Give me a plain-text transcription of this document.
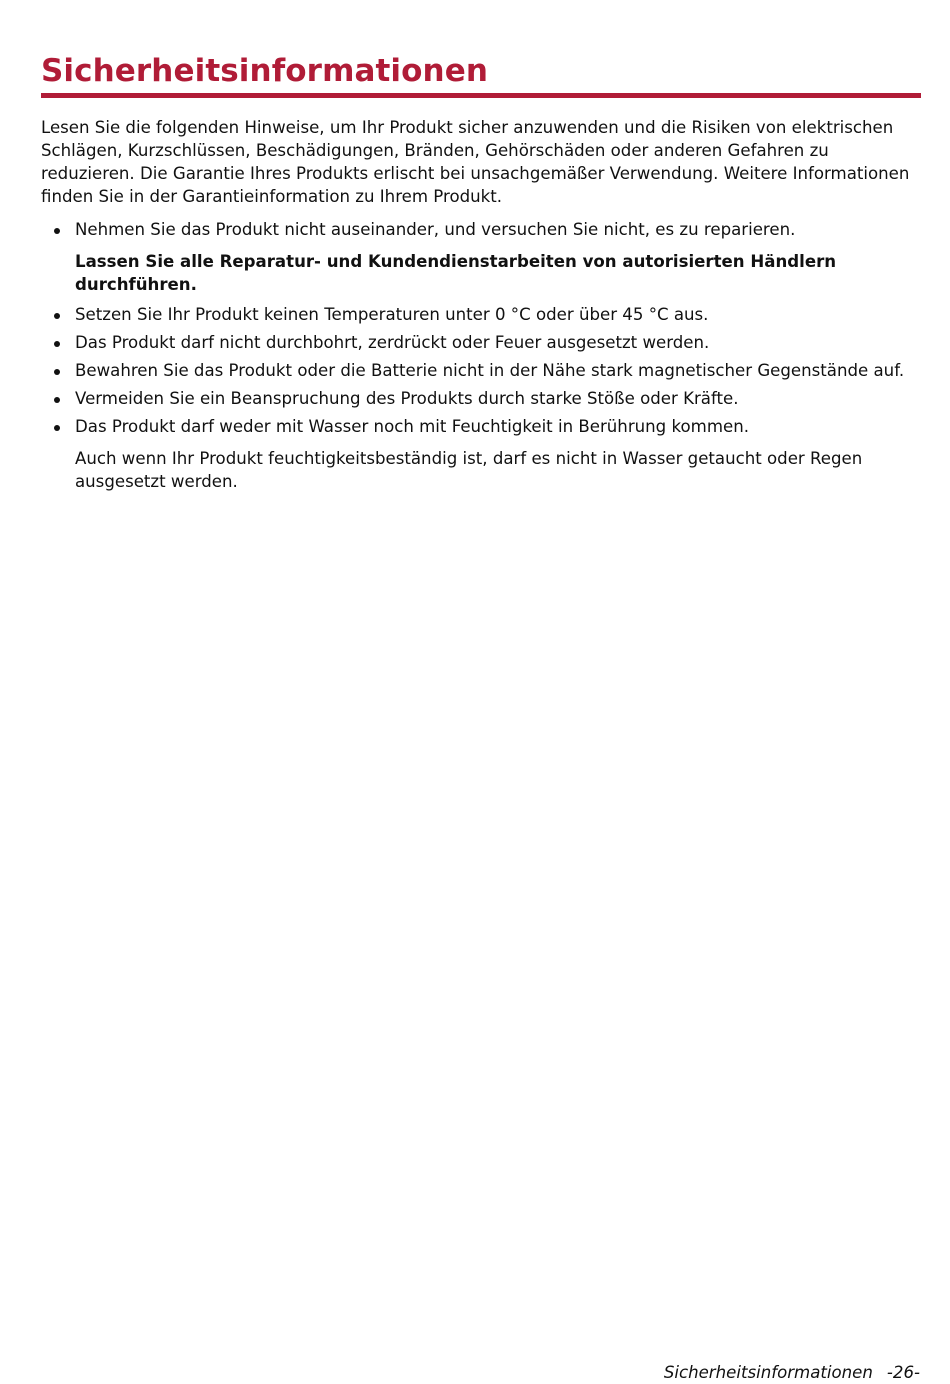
Sicherheitsinformationen

Lesen Sie die folgenden Hinweise, um Ihr Produkt sicher anzuwenden und die Risiken von elektrischen Schlägen, Kurzschlüssen, Beschädigungen, Bränden, Gehörschäden oder anderen Gefahren zu reduzieren. Die Garantie Ihres Produkts erlischt bei unsachgemäßer Verwendung. Weitere Informationen finden Sie in der Garantieinformation zu Ihrem Produkt.

Nehmen Sie das Produkt nicht auseinander, und versuchen Sie nicht, es zu reparieren.
Lassen Sie alle Reparatur- und Kundendienstarbeiten von autorisierten Händlern durchführen.
Setzen Sie Ihr Produkt keinen Temperaturen unter 0 °C oder über 45 °C aus.
Das Produkt darf nicht durchbohrt, zerdrückt oder Feuer ausgesetzt werden.
Bewahren Sie das Produkt oder die Batterie nicht in der Nähe stark magnetischer Gegenstände auf.
Vermeiden Sie ein Beanspruchung des Produkts durch starke Stöße oder Kräfte.
Das Produkt darf weder mit Wasser noch mit Feuchtigkeit in Berührung kommen.
Auch wenn Ihr Produkt feuchtigkeitsbeständig ist, darf es nicht in Wasser getaucht oder Regen ausgesetzt werden.
Sicherheitsinformationen -26-
